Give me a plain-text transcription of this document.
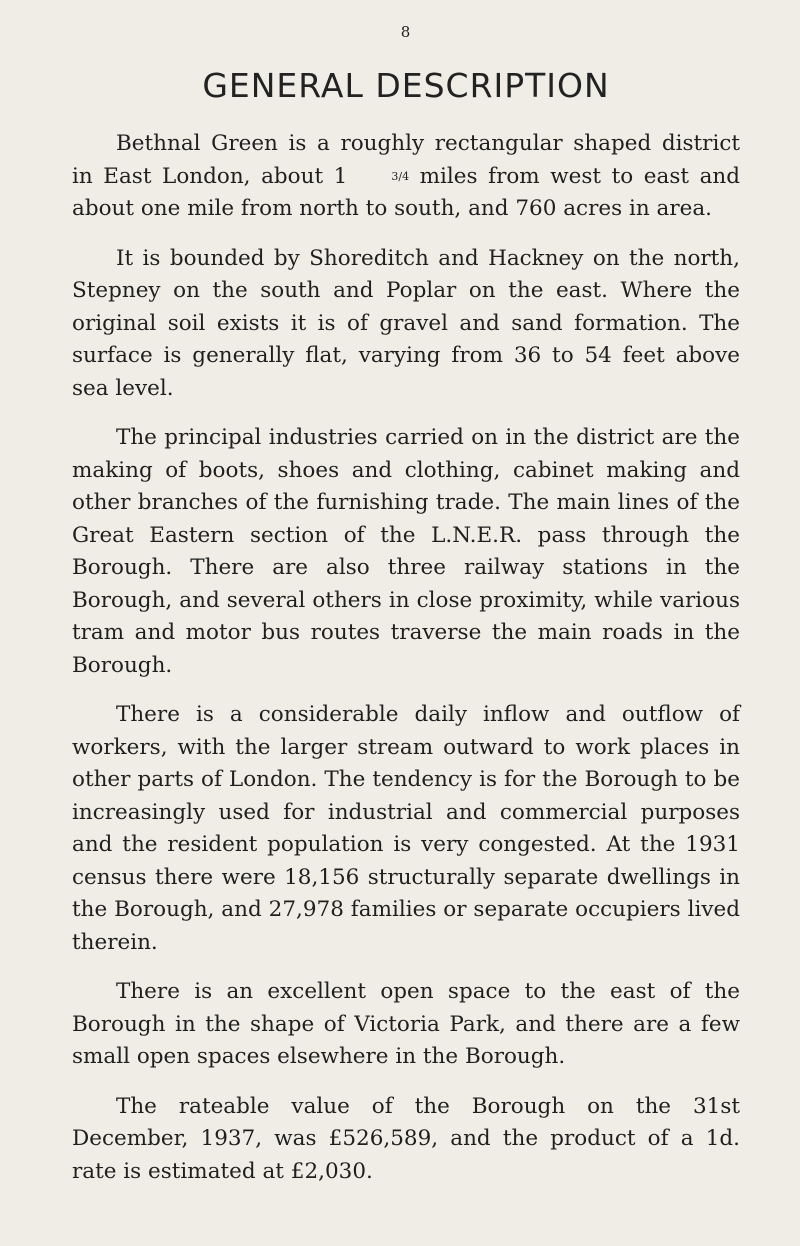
8
GENERAL DESCRIPTION

Bethnal Green is a roughly rectangular shaped district in East London, about 1	3/4 miles from west to east and about one mile from north to south, and 760 acres in area.

It is bounded by Shoreditch and Hackney on the north, Stepney on the south and Poplar on the east. Where the original soil exists it is of gravel and sand formation. The surface is generally flat, varying from 36 to 54 feet above sea level.

The principal industries carried on in the district are the making of boots, shoes and clothing, cabinet making and other branches of the furnishing trade. The main lines of the Great Eastern section of the L.N.E.R. pass through the Borough. There are also three railway stations in the Borough, and several others in close proximity, while various tram and motor bus routes traverse the main roads in the Borough.

There is a considerable daily inflow and outflow of workers, with the larger stream outward to work places in other parts of London. The tendency is for the Borough to be increasingly used for industrial and commercial purposes and the resident population is very congested. At the 1931 census there were 18,156 structurally separate dwellings in the Borough, and 27,978 families or separate occupiers lived therein.

There is an excellent open space to the east of the Borough in the shape of Victoria Park, and there are a few small open spaces elsewhere in the Borough.

The rateable value of the Borough on the 31st December, 1937, was £526,589, and the product of a 1d. rate is estimated at £2,030.
